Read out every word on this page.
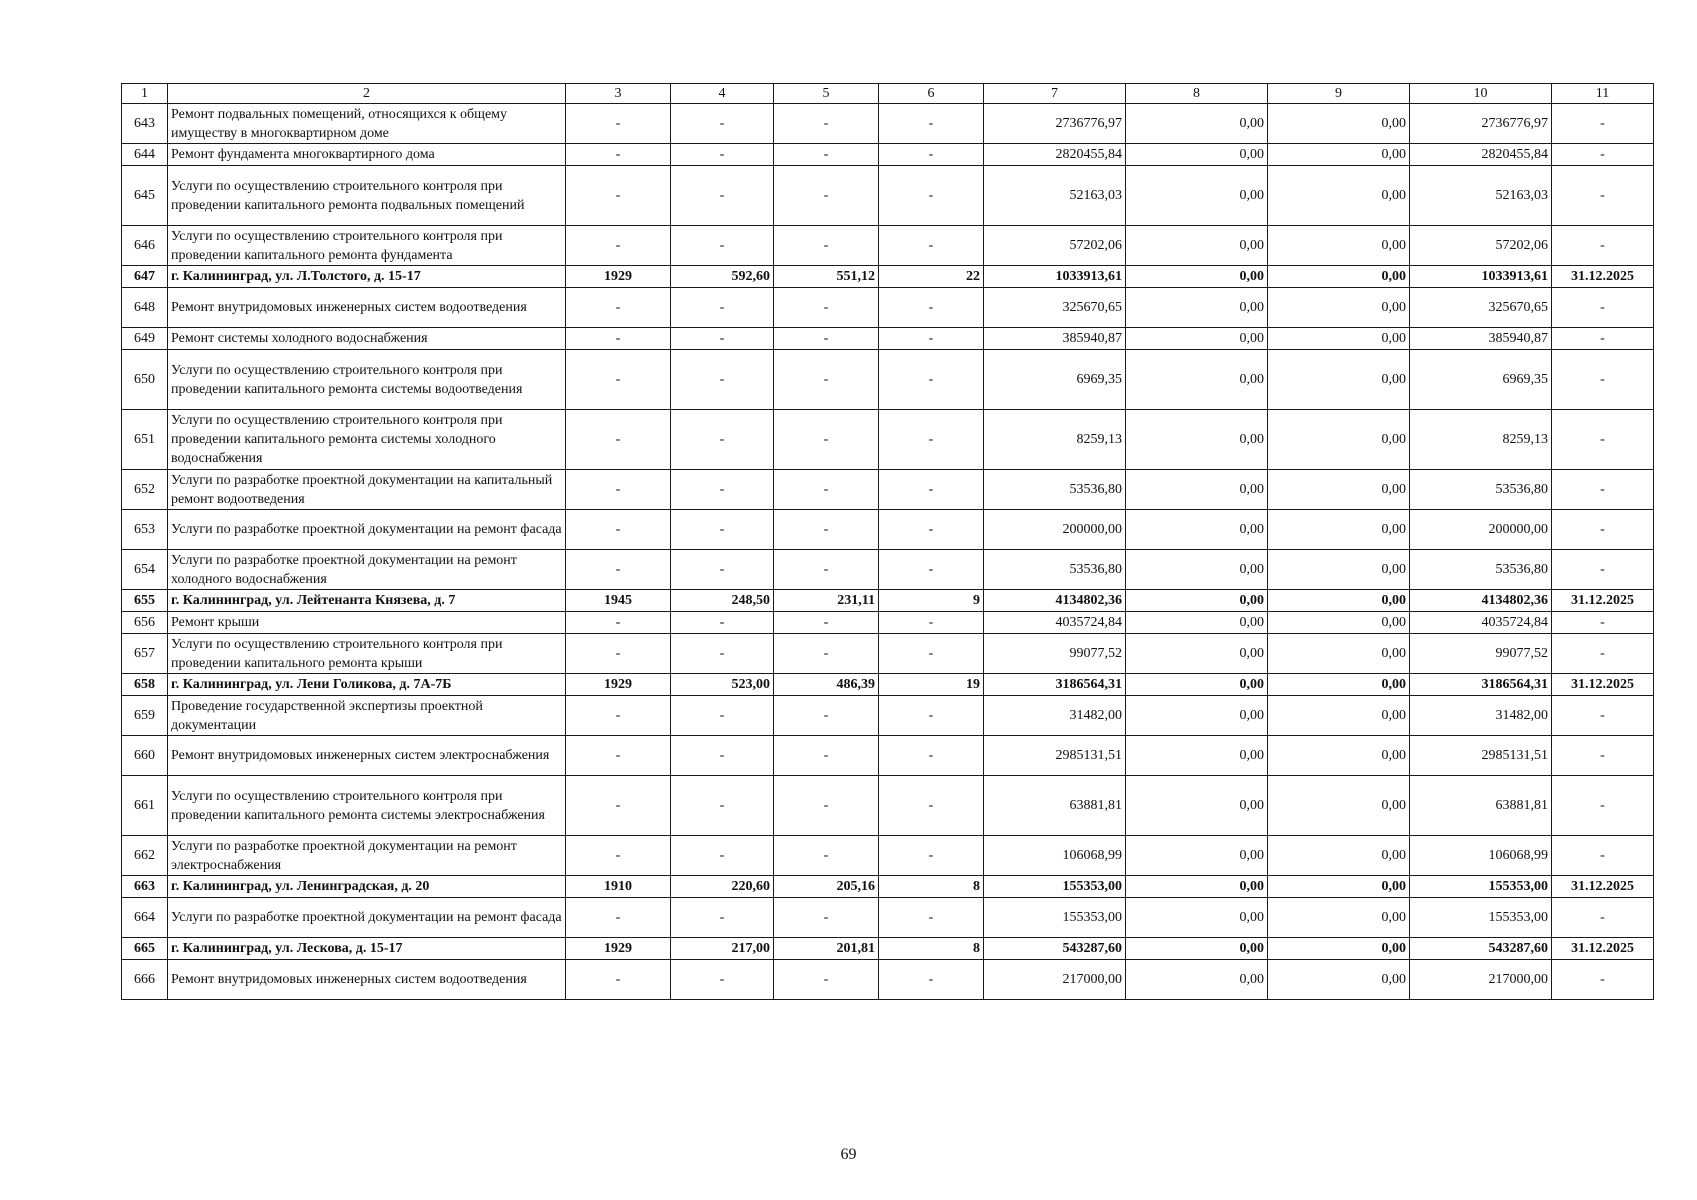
1	2	3	4	5	6	7	8	9	10	11
643	Ремонт подвальных помещений, относящихся к общему имуществу в многоквартирном доме	-	-	-	-	2736776,97	0,00	0,00	2736776,97	-
644	Ремонт фундамента многоквартирного дома	-	-	-	-	2820455,84	0,00	0,00	2820455,84	-
645	Услуги по осуществлению строительного контроля при проведении капитального ремонта подвальных помещений	-	-	-	-	52163,03	0,00	0,00	52163,03	-
646	Услуги по осуществлению строительного контроля при проведении капитального ремонта фундамента	-	-	-	-	57202,06	0,00	0,00	57202,06	-
647	г. Калининград, ул. Л.Толстого, д. 15-17	1929	592,60	551,12	22	1033913,61	0,00	0,00	1033913,61	31.12.2025
648	Ремонт внутридомовых инженерных систем водоотведения	-	-	-	-	325670,65	0,00	0,00	325670,65	-
649	Ремонт системы холодного водоснабжения	-	-	-	-	385940,87	0,00	0,00	385940,87	-
650	Услуги по осуществлению строительного контроля при проведении капитального ремонта системы водоотведения	-	-	-	-	6969,35	0,00	0,00	6969,35	-
651	Услуги по осуществлению строительного контроля при проведении капитального ремонта системы холодного водоснабжения	-	-	-	-	8259,13	0,00	0,00	8259,13	-
652	Услуги по разработке проектной документации на капитальный ремонт водоотведения	-	-	-	-	53536,80	0,00	0,00	53536,80	-
653	Услуги по разработке проектной документации на ремонт фасада	-	-	-	-	200000,00	0,00	0,00	200000,00	-
654	Услуги по разработке проектной документации на ремонт холодного водоснабжения	-	-	-	-	53536,80	0,00	0,00	53536,80	-
655	г. Калининград, ул. Лейтенанта Князева, д. 7	1945	248,50	231,11	9	4134802,36	0,00	0,00	4134802,36	31.12.2025
656	Ремонт крыши	-	-	-	-	4035724,84	0,00	0,00	4035724,84	-
657	Услуги по осуществлению строительного контроля при проведении капитального ремонта крыши	-	-	-	-	99077,52	0,00	0,00	99077,52	-
658	г. Калининград, ул. Лени Голикова, д. 7А-7Б	1929	523,00	486,39	19	3186564,31	0,00	0,00	3186564,31	31.12.2025
659	Проведение государственной экспертизы проектной документации	-	-	-	-	31482,00	0,00	0,00	31482,00	-
660	Ремонт внутридомовых инженерных систем электроснабжения	-	-	-	-	2985131,51	0,00	0,00	2985131,51	-
661	Услуги по осуществлению строительного контроля при проведении капитального ремонта системы электроснабжения	-	-	-	-	63881,81	0,00	0,00	63881,81	-
662	Услуги по разработке проектной документации на ремонт электроснабжения	-	-	-	-	106068,99	0,00	0,00	106068,99	-
663	г. Калининград, ул. Ленинградская, д. 20	1910	220,60	205,16	8	155353,00	0,00	0,00	155353,00	31.12.2025
664	Услуги по разработке проектной документации на ремонт фасада	-	-	-	-	155353,00	0,00	0,00	155353,00	-
665	г. Калининград, ул. Лескова, д. 15-17	1929	217,00	201,81	8	543287,60	0,00	0,00	543287,60	31.12.2025
666	Ремонт внутридомовых инженерных систем водоотведения	-	-	-	-	217000,00	0,00	0,00	217000,00	-
69
